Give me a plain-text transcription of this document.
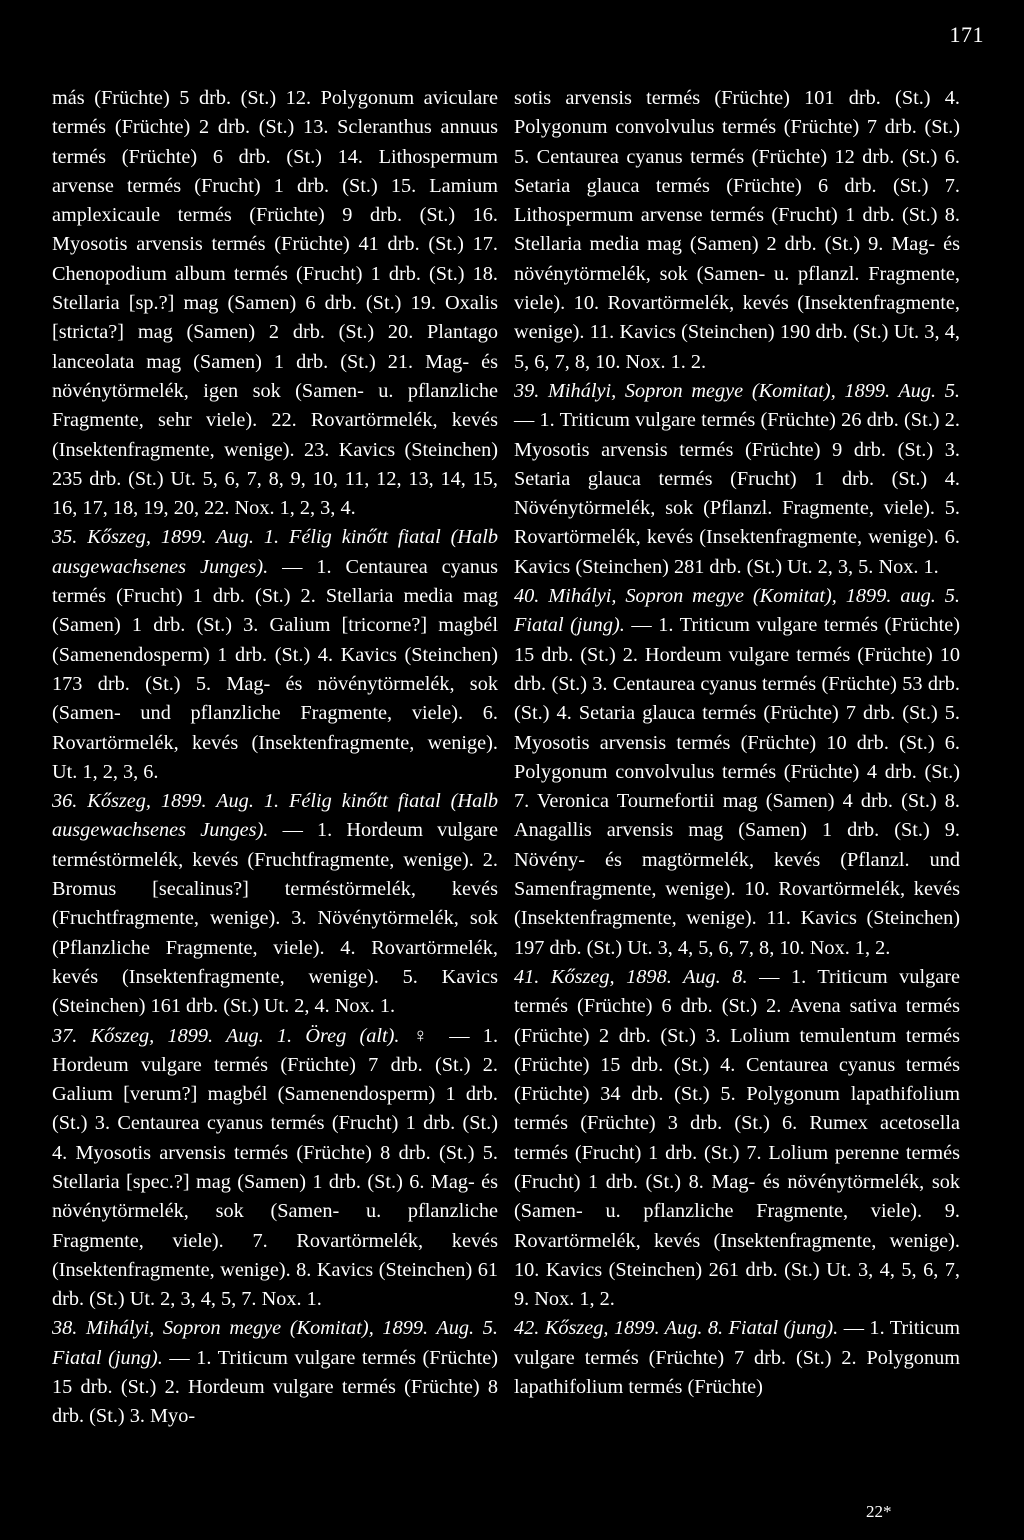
171

más (Früchte) 5 drb. (St.) 12. Polygonum aviculare termés (Früchte) 2 drb. (St.) 13. Scleranthus annuus termés (Früchte) 6 drb. (St.) 14. Lithospermum arvense termés (Frucht) 1 drb. (St.) 15. Lamium amplexicaule termés (Früchte) 9 drb. (St.) 16. Myosotis arvensis termés (Früchte) 41 drb. (St.) 17. Chenopodium album termés (Frucht) 1 drb. (St.) 18. Stellaria [sp.?] mag (Samen) 6 drb. (St.) 19. Oxalis [stricta?] mag (Samen) 2 drb. (St.) 20. Plantago lanceolata mag (Samen) 1 drb. (St.) 21. Mag- és növénytörmelék, igen sok (Samen- u. pflanzliche Fragmente, sehr viele). 22. Rovartörmelék, kevés (Insektenfragmente, wenige). 23. Kavics (Steinchen) 235 drb. (St.) Ut. 5, 6, 7, 8, 9, 10, 11, 12, 13, 14, 15, 16, 17, 18, 19, 20, 22. Nox. 1, 2, 3, 4.

35. Kőszeg, 1899. Aug. 1. Félig kinőtt fiatal (Halb ausgewachsenes Junges). — 1. Centaurea cyanus termés (Frucht) 1 drb. (St.) 2. Stellaria media mag (Samen) 1 drb. (St.) 3. Galium [tricorne?] magbél (Samenendosperm) 1 drb. (St.) 4. Kavics (Steinchen) 173 drb. (St.) 5. Mag- és növénytörmelék, sok (Samen- und pflanzliche Fragmente, viele). 6. Rovartörmelék, kevés (Insektenfragmente, wenige). Ut. 1, 2, 3, 6.

36. Kőszeg, 1899. Aug. 1. Félig kinőtt fiatal (Halb ausgewachsenes Junges). — 1. Hordeum vulgare terméstörmelék, kevés (Fruchtfragmente, wenige). 2. Bromus [secalinus?] terméstörmelék, kevés (Fruchtfragmente, wenige). 3. Növénytörmelék, sok (Pflanzliche Fragmente, viele). 4. Rovartörmelék, kevés (Insektenfragmente, wenige). 5. Kavics (Steinchen) 161 drb. (St.) Ut. 2, 4. Nox. 1.

37. Kőszeg, 1899. Aug. 1. Öreg (alt). ♀ — 1. Hordeum vulgare termés (Früchte) 7 drb. (St.) 2. Galium [verum?] magbél (Samenendosperm) 1 drb. (St.) 3. Centaurea cyanus termés (Frucht) 1 drb. (St.) 4. Myosotis arvensis termés (Früchte) 8 drb. (St.) 5. Stellaria [spec.?] mag (Samen) 1 drb. (St.) 6. Mag- és növénytörmelék, sok (Samen- u. pflanzliche Fragmente, viele). 7. Rovartörmelék, kevés (Insektenfragmente, wenige). 8. Kavics (Steinchen) 61 drb. (St.) Ut. 2, 3, 4, 5, 7. Nox. 1.

38. Mihályi, Sopron megye (Komitat), 1899. Aug. 5. Fiatal (jung). — 1. Triticum vulgare termés (Früchte) 15 drb. (St.) 2. Hordeum vulgare termés (Früchte) 8 drb. (St.) 3. Myo-

sotis arvensis termés (Früchte) 101 drb. (St.) 4. Polygonum convolvulus termés (Früchte) 7 drb. (St.) 5. Centaurea cyanus termés (Früchte) 12 drb. (St.) 6. Setaria glauca termés (Früchte) 6 drb. (St.) 7. Lithospermum arvense termés (Frucht) 1 drb. (St.) 8. Stellaria media mag (Samen) 2 drb. (St.) 9. Mag- és növénytörmelék, sok (Samen- u. pflanzl. Fragmente, viele). 10. Rovartörmelék, kevés (Insektenfragmente, wenige). 11. Kavics (Steinchen) 190 drb. (St.) Ut. 3, 4, 5, 6, 7, 8, 10. Nox. 1. 2.

39. Mihályi, Sopron megye (Komitat), 1899. Aug. 5. — 1. Triticum vulgare termés (Früchte) 26 drb. (St.) 2. Myosotis arvensis termés (Früchte) 9 drb. (St.) 3. Setaria glauca termés (Frucht) 1 drb. (St.) 4. Növénytörmelék, sok (Pflanzl. Fragmente, viele). 5. Rovartörmelék, kevés (Insektenfragmente, wenige). 6. Kavics (Steinchen) 281 drb. (St.) Ut. 2, 3, 5. Nox. 1.

40. Mihályi, Sopron megye (Komitat), 1899. aug. 5. Fiatal (jung). — 1. Triticum vulgare termés (Früchte) 15 drb. (St.) 2. Hordeum vulgare termés (Früchte) 10 drb. (St.) 3. Centaurea cyanus termés (Früchte) 53 drb. (St.) 4. Setaria glauca termés (Früchte) 7 drb. (St.) 5. Myosotis arvensis termés (Früchte) 10 drb. (St.) 6. Polygonum convolvulus termés (Früchte) 4 drb. (St.) 7. Veronica Tournefortii mag (Samen) 4 drb. (St.) 8. Anagallis arvensis mag (Samen) 1 drb. (St.) 9. Növény- és magtörmelék, kevés (Pflanzl. und Samenfragmente, wenige). 10. Rovartörmelék, kevés (Insektenfragmente, wenige). 11. Kavics (Steinchen) 197 drb. (St.) Ut. 3, 4, 5, 6, 7, 8, 10. Nox. 1, 2.

41. Kőszeg, 1898. Aug. 8. — 1. Triticum vulgare termés (Früchte) 6 drb. (St.) 2. Avena sativa termés (Früchte) 2 drb. (St.) 3. Lolium temulentum termés (Früchte) 15 drb. (St.) 4. Centaurea cyanus termés (Früchte) 34 drb. (St.) 5. Polygonum lapathifolium termés (Früchte) 3 drb. (St.) 6. Rumex acetosella termés (Frucht) 1 drb. (St.) 7. Lolium perenne termés (Frucht) 1 drb. (St.) 8. Mag- és növénytörmelék, sok (Samen- u. pflanzliche Fragmente, viele). 9. Rovartörmelék, kevés (Insektenfragmente, wenige). 10. Kavics (Steinchen) 261 drb. (St.) Ut. 3, 4, 5, 6, 7, 9. Nox. 1, 2.

42. Kőszeg, 1899. Aug. 8. Fiatal (jung). — 1. Triticum vulgare termés (Früchte) 7 drb. (St.) 2. Polygonum lapathifolium termés (Früchte)

22*
